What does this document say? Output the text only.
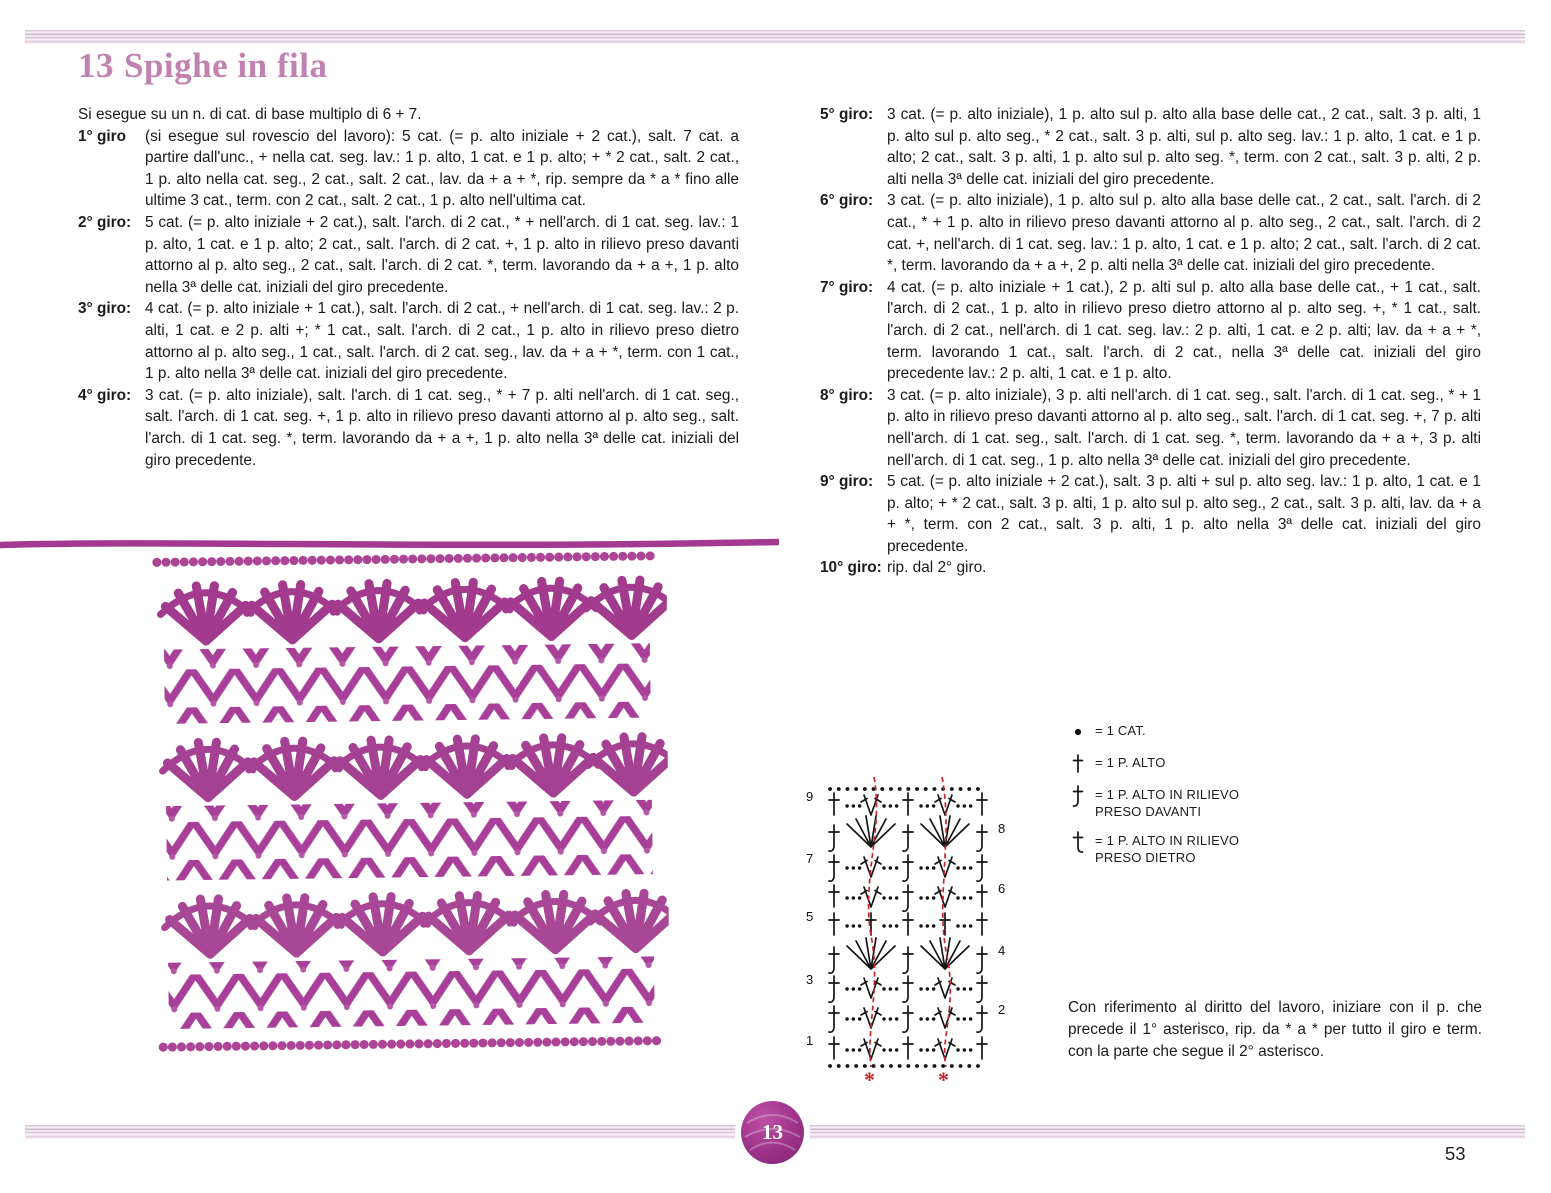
13 Spighe in fila

Si esegue su un n. di cat. di base multiplo di 6 + 7.

1° giro (si esegue sul rovescio del lavoro): 5 cat. (= p. alto iniziale + 2 cat.), salt. 7 cat. a partire dall'unc., + nella cat. seg. lav.: 1 p. alto, 1 cat. e 1 p. alto; + * 2 cat., salt. 2 cat., 1 p. alto nella cat. seg., 2 cat., salt. 2 cat., lav. da + a + *, rip. sempre da * a * fino alle ultime 3 cat., term. con 2 cat., salt. 2 cat., 1 p. alto nell'ultima cat.
2° giro: 5 cat. (= p. alto iniziale + 2 cat.), salt. l'arch. di 2 cat., * + nell'arch. di 1 cat. seg. lav.: 1 p. alto, 1 cat. e 1 p. alto; 2 cat., salt. l'arch. di 2 cat. +, 1 p. alto in rilievo preso davanti attorno al p. alto seg., 2 cat., salt. l'arch. di 2 cat. *, term. lavorando da + a +, 1 p. alto nella 3ª delle cat. iniziali del giro precedente.
3° giro: 4 cat. (= p. alto iniziale + 1 cat.), salt. l'arch. di 2 cat., + nell'arch. di 1 cat. seg. lav.: 2 p. alti, 1 cat. e 2 p. alti +; * 1 cat., salt. l'arch. di 2 cat., 1 p. alto in rilievo preso dietro attorno al p. alto seg., 1 cat., salt. l'arch. di 2 cat. seg., lav. da + a + *, term. con 1 cat., 1 p. alto nella 3ª delle cat. iniziali del giro precedente.
4° giro: 3 cat. (= p. alto iniziale), salt. l'arch. di 1 cat. seg., * + 7 p. alti nell'arch. di 1 cat. seg., salt. l'arch. di 1 cat. seg. +, 1 p. alto in rilievo preso davanti attorno al p. alto seg., salt. l'arch. di 1 cat. seg. *, term. lavorando da + a +, 1 p. alto nella 3ª delle cat. iniziali del giro precedente.
5° giro: 3 cat. (= p. alto iniziale), 1 p. alto sul p. alto alla base delle cat., 2 cat., salt. 3 p. alti, 1 p. alto sul p. alto seg., * 2 cat., salt. 3 p. alti, sul p. alto seg. lav.: 1 p. alto, 1 cat. e 1 p. alto; 2 cat., salt. 3 p. alti, 1 p. alto sul p. alto seg. *, term. con 2 cat., salt. 3 p. alti, 2 p. alti nella 3ª delle cat. iniziali del giro precedente.
6° giro: 3 cat. (= p. alto iniziale), 1 p. alto sul p. alto alla base delle cat., 2 cat., salt. l'arch. di 2 cat., * + 1 p. alto in rilievo preso davanti attorno al p. alto seg., 2 cat., salt. l'arch. di 2 cat. +, nell'arch. di 1 cat. seg. lav.: 1 p. alto, 1 cat. e 1 p. alto; 2 cat., salt. l'arch. di 2 cat. *, term. lavorando da + a +, 2 p. alti nella 3ª delle cat. iniziali del giro precedente.
7° giro: 4 cat. (= p. alto iniziale + 1 cat.), 2 p. alti sul p. alto alla base delle cat., + 1 cat., salt. l'arch. di 2 cat., 1 p. alto in rilievo preso dietro attorno al p. alto seg. +, * 1 cat., salt. l'arch. di 2 cat., nell'arch. di 1 cat. seg. lav.: 2 p. alti, 1 cat. e 2 p. alti; lav. da + a + *, term. lavorando 1 cat., salt. l'arch. di 2 cat., nella 3ª delle cat. iniziali del giro precedente lav.: 2 p. alti, 1 cat. e 1 p. alto.
8° giro: 3 cat. (= p. alto iniziale), 3 p. alti nell'arch. di 1 cat. seg., salt. l'arch. di 1 cat. seg., * + 1 p. alto in rilievo preso davanti attorno al p. alto seg., salt. l'arch. di 1 cat. seg. +, 7 p. alti nell'arch. di 1 cat. seg., salt. l'arch. di 1 cat. seg. *, term. lavorando da + a +, 3 p. alti nell'arch. di 1 cat. seg., 1 p. alto nella 3ª delle cat. iniziali del giro precedente.
9° giro: 5 cat. (= p. alto iniziale + 2 cat.), salt. 3 p. alti + sul p. alto seg. lav.: 1 p. alto, 1 cat. e 1 p. alto; + * 2 cat., salt. 3 p. alti, 1 p. alto sul p. alto seg., 2 cat., salt. 3 p. alti, lav. da + a + *, term. con 2 cat., salt. 3 p. alti, 1 p. alto nella 3ª delle cat. iniziali del giro precedente.
10° giro: rip. dal 2° giro.
9
8
7
6
5
4
3
2
1
*	*
= 1 CAT.
= 1 P. ALTO
= 1 P. ALTO IN RILIEVO PRESO DAVANTI
= 1 P. ALTO IN RILIEVO PRESO DIETRO

Con riferimento al diritto del lavoro, iniziare con il p. che precede il 1° asterisco, rip. da * a * per tutto il giro e term. con la parte che segue il 2° asterisco.

13
53
